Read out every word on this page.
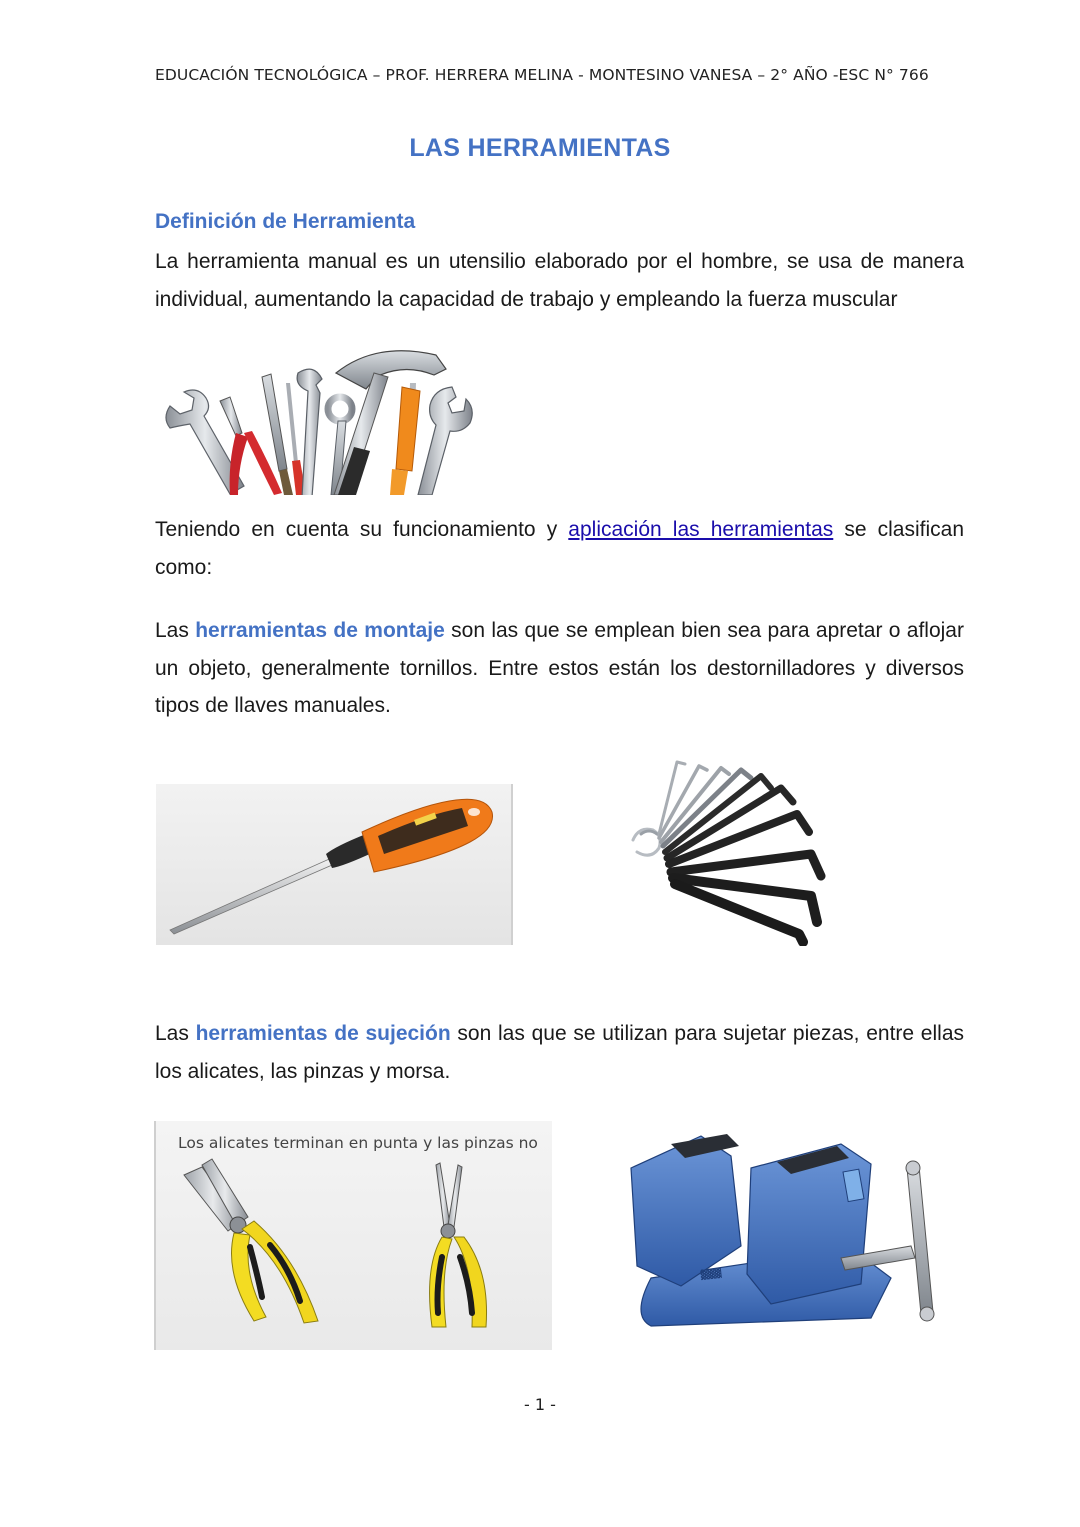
EDUCACIÓN TECNOLÓGICA – PROF. HERRERA MELINA - MONTESINO VANESA – 2° AÑO -ESC N° 766
LAS HERRAMIENTAS
Definición de Herramienta
La herramienta manual es un utensilio elaborado por el hombre, se usa de manera individual, aumentando la capacidad de trabajo y empleando la fuerza muscular
Teniendo en cuenta su funcionamiento y aplicación las herramientas se clasifican como:
Las herramientas de montaje son las que se emplean bien sea para apretar o aflojar un objeto, generalmente tornillos. Entre estos están los destornilladores y diversos tipos de llaves manuales.
Las herramientas de sujeción son las que se utilizan para sujetar piezas, entre ellas los alicates, las pinzas y morsa.
Los alicates terminan en punta y las pinzas no
▓▓▓
- 1 -
